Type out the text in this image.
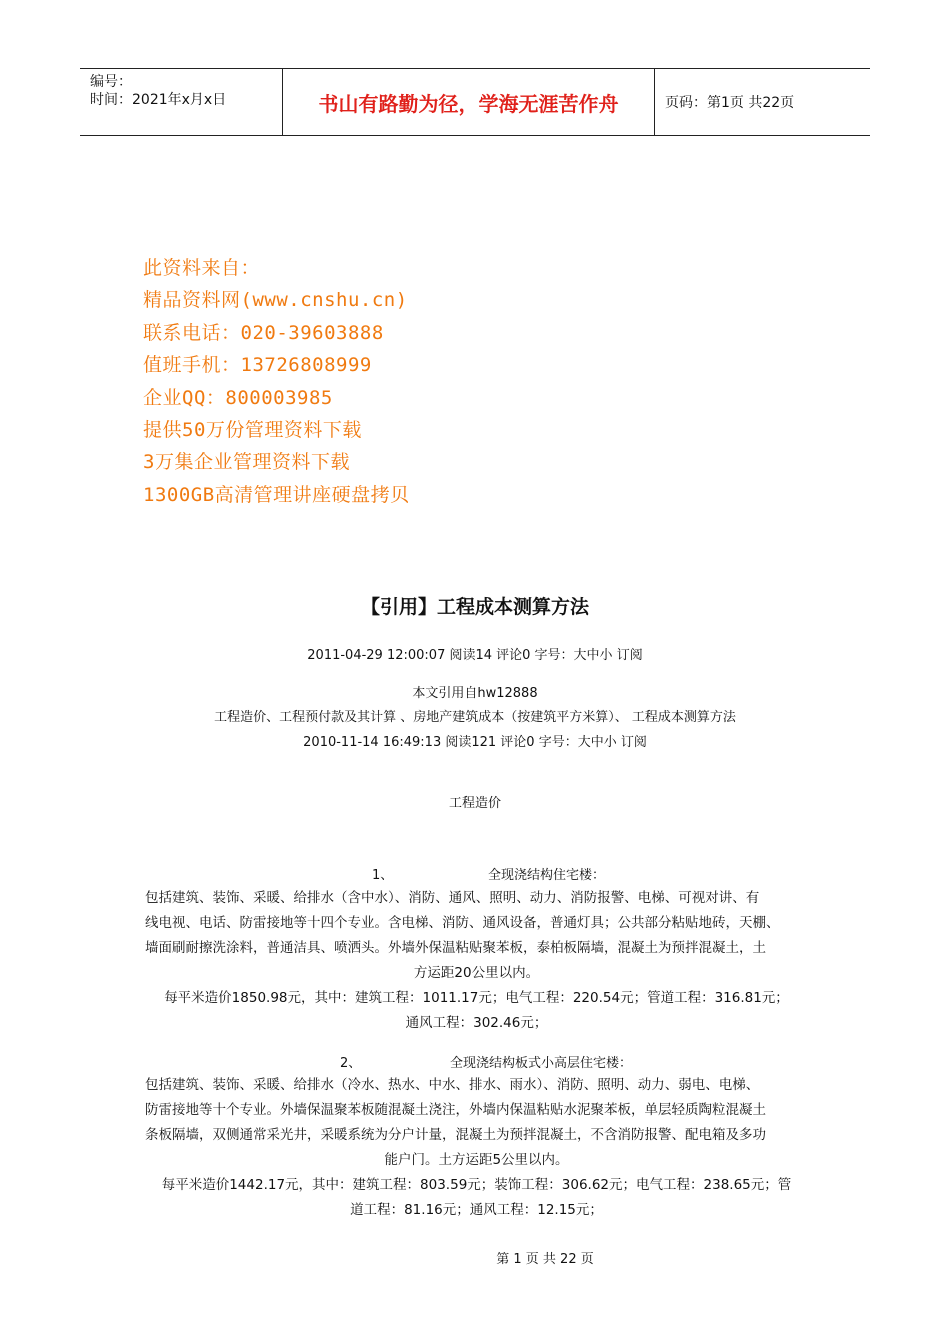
编号：
时间：2021年x月x日	书山有路勤为径，学海无涯苦作舟	页码：第1页 共22页
此资料来自：
精品资料网(www.cnshu.cn)
联系电话：020-39603888
值班手机：13726808999
企业QQ：800003985
提供50万份管理资料下载
3万集企业管理资料下载
1300GB高清管理讲座硬盘拷贝
【引用】工程成本测算方法
2011-04-29 12:00:07 阅读14 评论0 字号：大中小 订阅
本文引用自hw12888
工程造价、工程预付款及其计算 、房地产建筑成本（按建筑平方米算）、 工程成本测算方法
2010-11-14 16:49:13 阅读121 评论0 字号：大中小 订阅
工程造价
1、	全现浇结构住宅楼：
包括建筑、装饰、采暖、给排水（含中水）、消防、通风、照明、动力、消防报警、电梯、可视对讲、有
线电视、电话、防雷接地等十四个专业。含电梯、消防、通风设备，普通灯具；公共部分粘贴地砖，天棚、
墙面刷耐擦洗涂料，普通洁具、喷洒头。外墙外保温粘贴聚苯板，泰柏板隔墙，混凝土为预拌混凝土，土
方运距20公里以内。
每平米造价1850.98元，其中：建筑工程：1011.17元；电气工程：220.54元；管道工程：316.81元；
通风工程：302.46元；
2、	全现浇结构板式小高层住宅楼：
包括建筑、装饰、采暖、给排水（冷水、热水、中水、排水、雨水）、消防、照明、动力、弱电、电梯、
防雷接地等十个专业。外墙保温聚苯板随混凝土浇注，外墙内保温粘贴水泥聚苯板，单层轻质陶粒混凝土
条板隔墙，双侧通常采光井，采暖系统为分户计量，混凝土为预拌混凝土，不含消防报警、配电箱及多功
能户门。土方运距5公里以内。
每平米造价1442.17元，其中：建筑工程：803.59元；装饰工程：306.62元；电气工程：238.65元；管
道工程：81.16元；通风工程：12.15元；
第 1 页 共 22 页
